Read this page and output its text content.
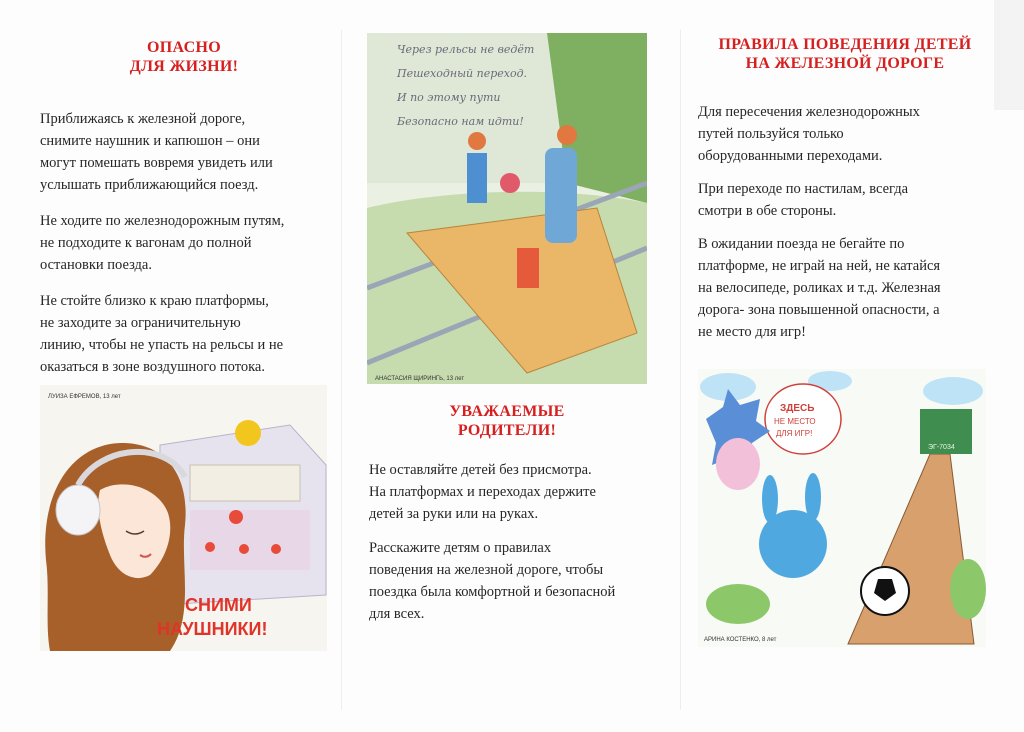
ОПАСНО
ДЛЯ ЖИЗНИ!
Приближаясь к железной дороге,
снимите наушник и капюшон – они
могут помешать вовремя увидеть или
услышать приближающийся поезд.
Не ходите по железнодорожным путям,
не подходите к вагонам до полной
остановки поезда.
Не стойте близко к краю платформы,
не заходите за ограничительную
линию, чтобы не упасть на рельсы и не
оказаться в зоне воздушного потока.
ЛУИЗА ЕФРЕМОВ, 13 лет
СНИМИ
НАУШНИКИ!
Через рельсы не ведёт
Пешеходный переход.
И по этому пути
Безопасно нам идти!
АНАСТАСИЯ ЩИРИНГЬ, 13 лет
УВАЖАЕМЫЕ
РОДИТЕЛИ!
Не оставляйте детей без присмотра.
На платформах и переходах держите
детей за руки или на руках.
Расскажите детям о правилах
поведения на железной дороге, чтобы
поездка была комфортной и безопасной
для всех.
ПРАВИЛА ПОВЕДЕНИЯ ДЕТЕЙ
НА ЖЕЛЕЗНОЙ ДОРОГЕ
Для пересечения железнодорожных
путей пользуйся только
оборудованными переходами.
При переходе по настилам, всегда
смотри в обе стороны.
В ожидании поезда не бегайте по
платформе, не играй на ней, не катайся
на велосипеде, роликах и т.д. Железная
дорога- зона повышенной опасности, а
не место для игр!
ЭГ-7034
ЗДЕСЬ
НЕ МЕСТО
ДЛЯ ИГР!
АРИНА КОСТЕНКО, 8 лет
